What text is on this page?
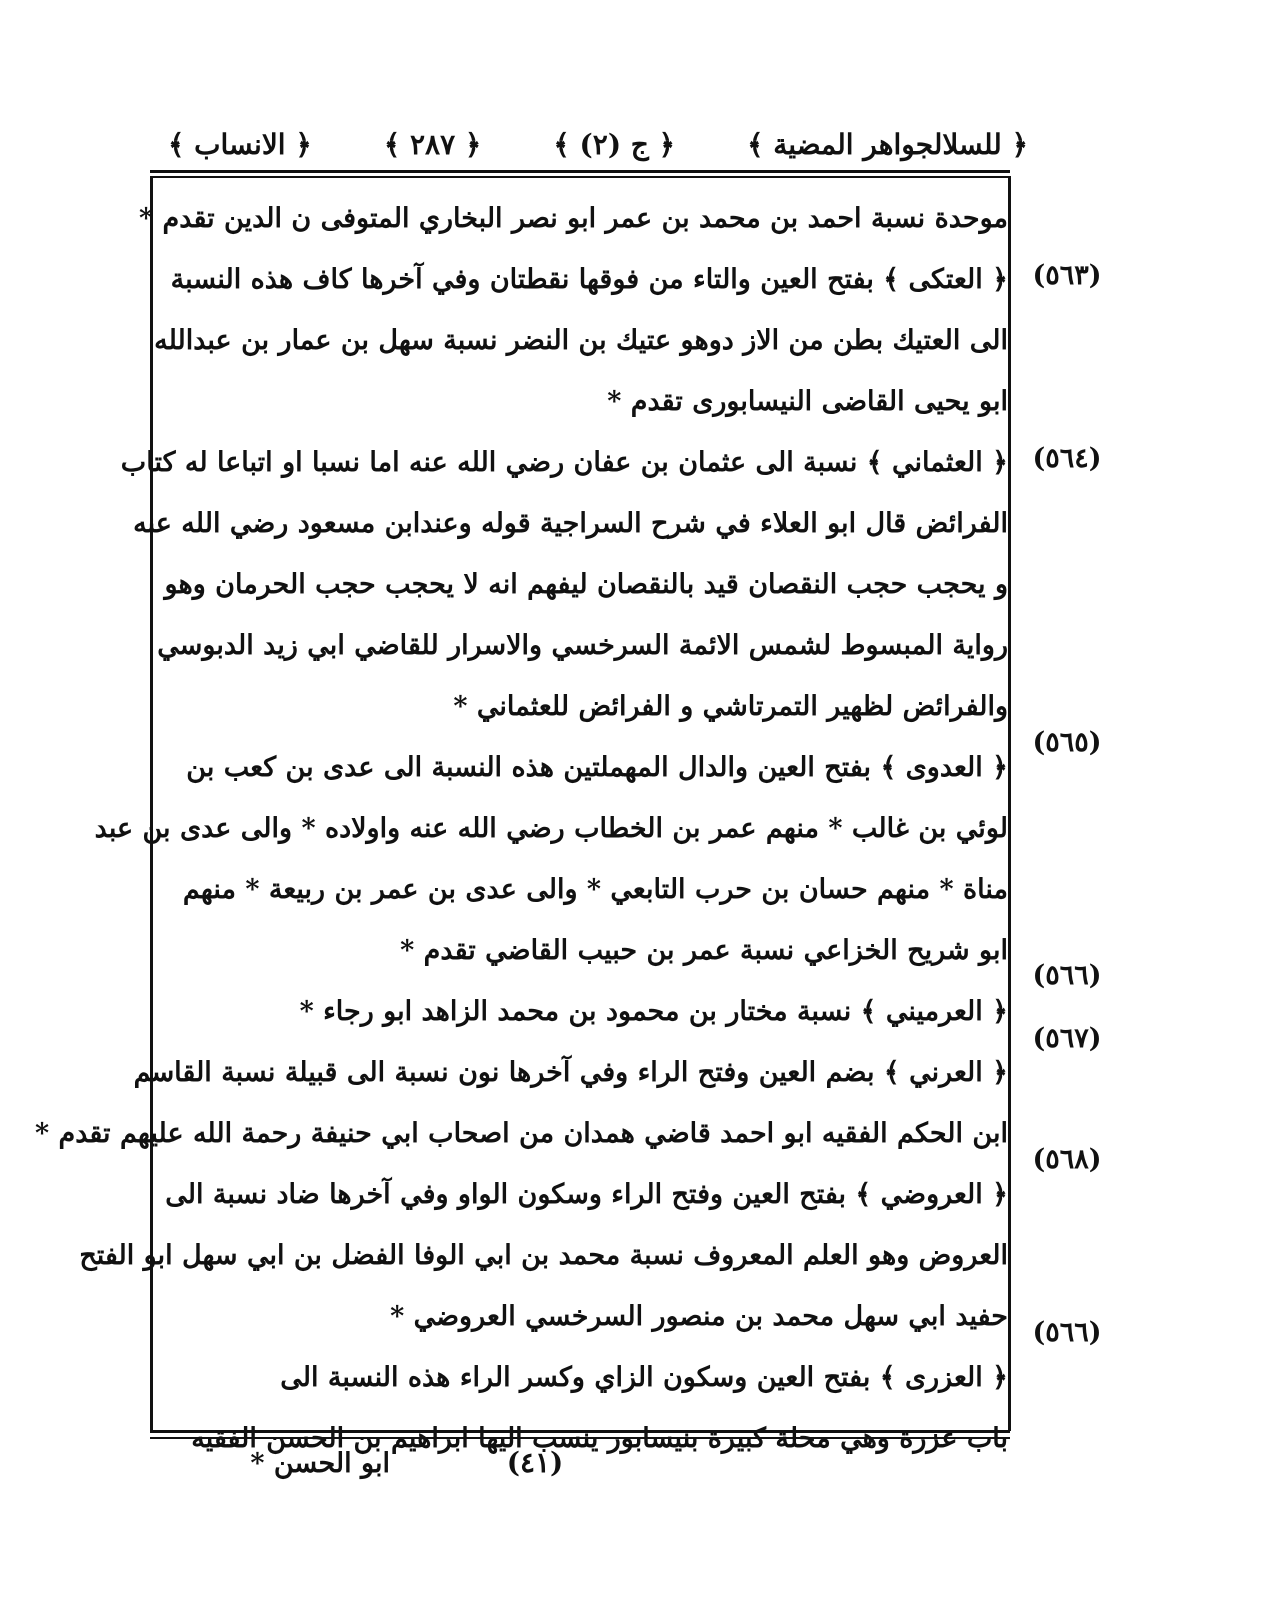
﴿ للسلالجواهر المضية ﴾
﴿ ج (٢) ﴾
﴿ ٢٨٧ ﴾
﴿ الانساب ﴾
(٥٦٣)
(٥٦٤)
(٥٦٥)
(٥٦٦)
(٥٦٧)
(٥٦٨)
(٥٦٦)
موحدة نسبة احمد بن محمد بن عمر ابو نصر البخاري المتوفى ن الدين تقدم *
﴿ العتكى ﴾ بفتح العين والتاء من فوقها نقطتان وفي آخرها كاف هذه النسبة
الى العتيك بطن من الاز دوهو عتيك بن النضر نسبة سهل بن عمار بن عبدالله
ابو يحيى القاضى النيسابورى تقدم *
﴿ العثماني ﴾ نسبة الى عثمان بن عفان رضي الله عنه اما نسبا او اتباعا له كتاب
الفرائض قال ابو العلاء في شرح السراجية قوله وعندابن مسعود رضي الله عنه
و يحجب حجب النقصان قيد بالنقصان ليفهم انه لا يحجب حجب الحرمان وهو
رواية المبسوط لشمس الائمة السرخسي والاسرار للقاضي ابي زيد الدبوسي
والفرائض لظهير التمرتاشي و الفرائض للعثماني *
﴿ العدوى ﴾ بفتح العين والدال المهملتين هذه النسبة الى عدى بن كعب بن
لوئي بن غالب * منهم عمر بن الخطاب رضي الله عنه واولاده * والى عدى بن عبد
مناة * منهم حسان بن حرب التابعي * والى عدى بن عمر بن ربيعة * منهم
ابو شريح الخزاعي نسبة عمر بن حبيب القاضي تقدم *
﴿ العرميني ﴾ نسبة مختار بن محمود بن محمد الزاهد ابو رجاء *
﴿ العرني ﴾ بضم العين وفتح الراء وفي آخرها نون نسبة الى قبيلة نسبة القاسم
ابن الحكم الفقيه ابو احمد قاضي همدان من اصحاب ابي حنيفة رحمة الله عليهم تقدم *
﴿ العروضي ﴾ بفتح العين وفتح الراء وسكون الواو وفي آخرها ضاد نسبة الى
العروض وهو العلم المعروف نسبة محمد بن ابي الوفا الفضل بن ابي سهل ابو الفتح
حفيد ابي سهل محمد بن منصور السرخسي العروضي *
﴿ العزرى ﴾ بفتح العين وسكون الزاي وكسر الراء هذه النسبة الى
باب عزرة وهي محلة كبيرة بنيسابور ينسب اليها ابراهيم بن الحسن الفقيه
(٤١)
ابو الحسن *
